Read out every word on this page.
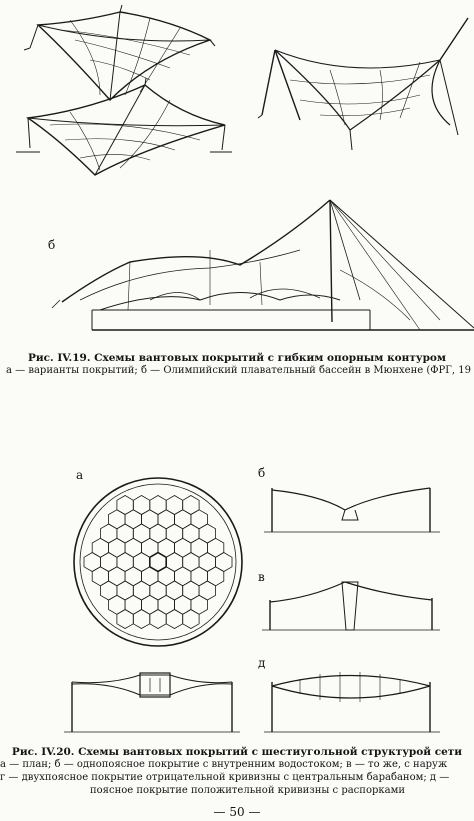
б
Рис. IV.19. Схемы вантовых покрытий с гибким опорным контуром
а — варианты покрытий; б — Олимпийский плавательный бассейн в Мюнхене (ФРГ, 19
а	б
в
д
Рис. IV.20. Схемы вантовых покрытий с шестиугольной структурой сети
а — план; б — однопоясное покрытие с внутренним водостоком; в — то же, с наруж
г — двухпоясное покрытие отрицательной кривизны с центральным барабаном; д —
поясное покрытие положительной кривизны с распорками
— 50 —
